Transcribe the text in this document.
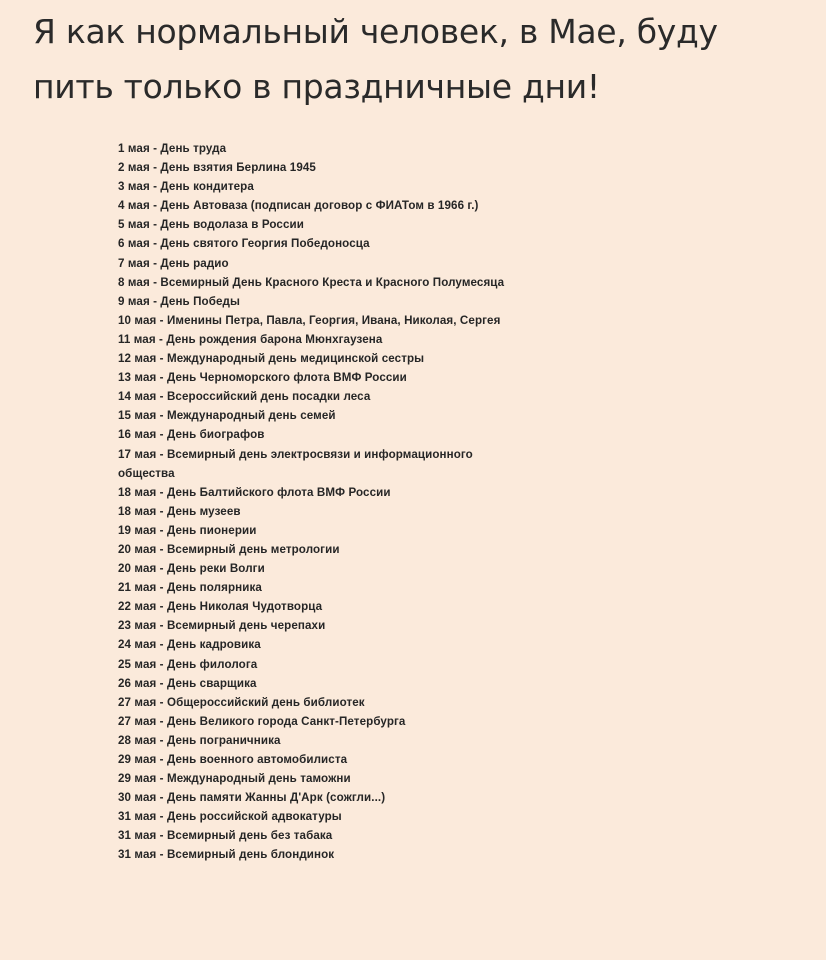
Я как нормальный человек, в Мае, буду
пить только в праздничные дни!
1 мая - День труда
2 мая - День взятия Берлина 1945
3 мая - День кондитера
4 мая - День Автоваза (подписан договор с ФИАТом в 1966 г.)
5 мая - День водолаза в России
6 мая - День святого Георгия Победоносца
7 мая - День радио
8 мая - Всемирный День Красного Креста и Красного Полумесяца
9 мая - День Победы
10 мая - Именины Петра, Павла, Георгия, Ивана, Николая, Сергея
11 мая - День рождения барона Мюнхгаузена
12 мая - Международный день медицинской сестры
13 мая - День Черноморского флота ВМФ России
14 мая - Всероссийский день посадки леса
15 мая - Международный день семей
16 мая - День биографов
17 мая - Всемирный день электросвязи и информационного
общества
18 мая - День Балтийского флота ВМФ России
18 мая - День музеев
19 мая - День пионерии
20 мая - Всемирный день метрологии
20 мая - День реки Волги
21 мая - День полярника
22 мая - День Николая Чудотворца
23 мая - Всемирный день черепахи
24 мая - День кадровика
25 мая - День филолога
26 мая - День сварщика
27 мая - Общероссийский день библиотек
27 мая - День Великого города Санкт-Петербурга
28 мая - День пограничника
29 мая - День военного автомобилиста
29 мая - Международный день таможни
30 мая - День памяти Жанны Д'Арк (сожгли...)
31 мая - День российской адвокатуры
31 мая - Всемирный день без табака
31 мая - Всемирный день блондинок
